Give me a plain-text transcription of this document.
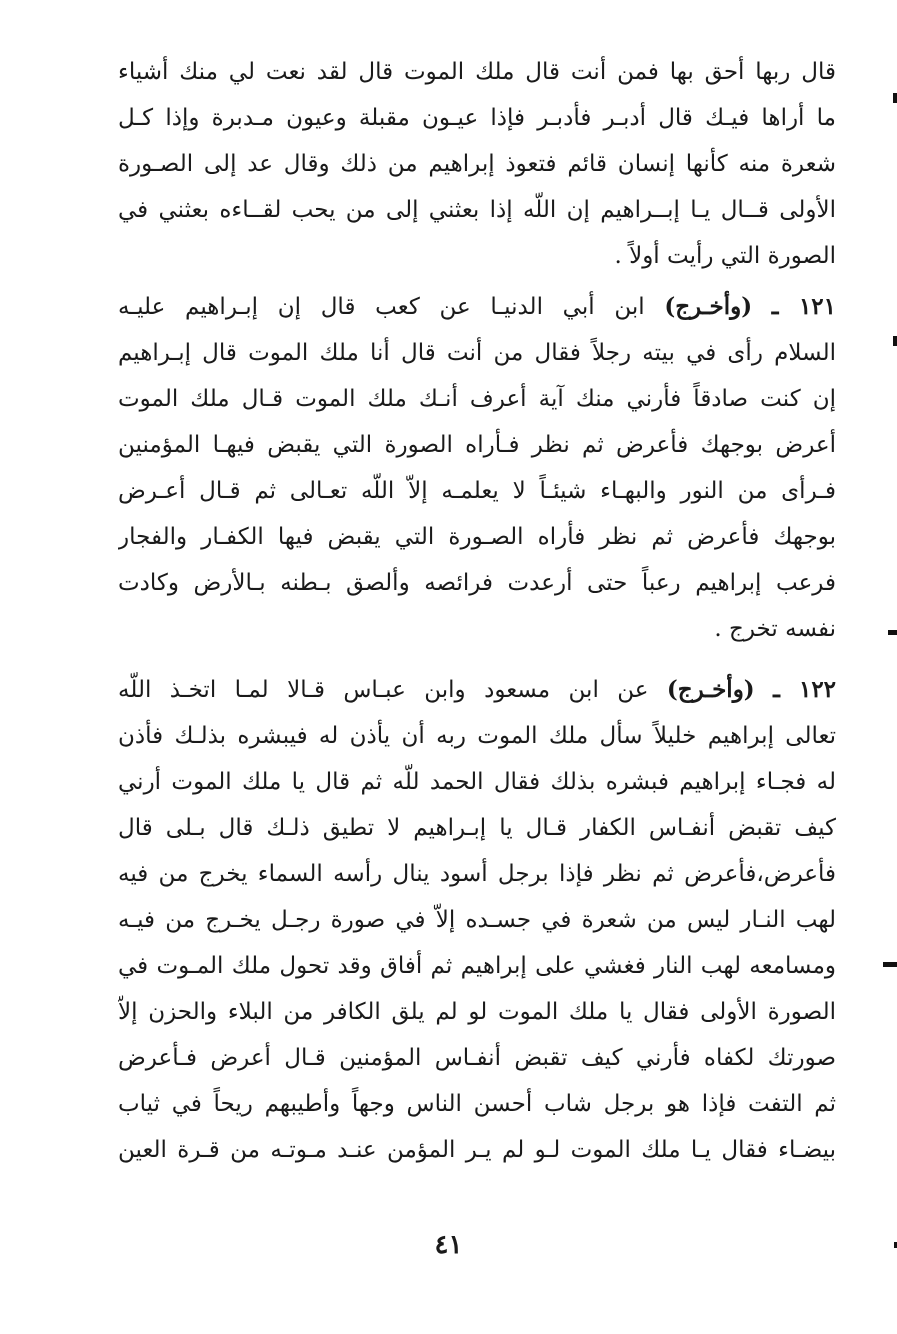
قال ربها أحق بها فمن أنت قال ملك الموت قال لقد نعت لي منك أشياء
ما أراها فيـك قال أدبـر فأدبـر فإذا عيـون مقبلة وعيون مـدبرة وإذا كـل
شعرة منه كأنها إنسان قائم فتعوذ إبراهيم من ذلك وقال عد إلى الصـورة
الأولى قــال يـا إبــراهيم إن اللّه إذا بعثني إلى من يحب لقــاءه بعثني في
الصورة التي رأيت أولاً .
١٢١ ـ (وأخـرج) ابن أبي الدنيـا عن كعب قال إن إبـراهيم عليـه
السلام رأى في بيته رجلاً فقال من أنت قال أنا ملك الموت قال إبـراهيم
إن كنت صادقاً فأرني منك آية أعرف أنـك ملك الموت قـال ملك الموت
أعرض بوجهك فأعرض ثم نظر فـأراه الصورة التي يقبض فيهـا المؤمنين
فـرأى من النور والبهـاء شيئـاً لا يعلمـه إلاّ اللّه تعـالى ثم قـال أعـرض
بوجهك فأعرض ثم نظر فأراه الصـورة التي يقبض فيها الكفـار والفجار
فرعب إبراهيم رعباً حتى أرعدت فرائصه وألصق بـطنه بـالأرض وكادت
نفسه تخرج .
١٢٢ ـ (وأخـرج) عن ابن مسعود وابن عبـاس قـالا لمـا اتخـذ اللّه
تعالى إبراهيم خليلاً سأل ملك الموت ربه أن يأذن له فيبشره بذلـك فأذن
له فجـاء إبراهيم فبشره بذلك فقال الحمد للّه ثم قال يا ملك الموت أرني
كيف تقبض أنفـاس الكفار قـال يا إبـراهيم لا تطيق ذلـك قال بـلى قال
فأعرض،فأعرض ثم نظر فإذا برجل أسود ينال رأسه السماء يخرج من فيه
لهب النـار ليس من شعرة في جسـده إلاّ في صورة رجـل يخـرج من فيـه
ومسامعه لهب النار فغشي على إبراهيم ثم أفاق وقد تحول ملك المـوت في
الصورة الأولى فقال يا ملك الموت لو لم يلق الكافر من البلاء والحزن إلاّ
صورتك لكفاه فأرني كيف تقبض أنفـاس المؤمنين قـال أعرض فـأعرض
ثم التفت فإذا هو برجل شاب أحسن الناس وجهاً وأطيبهم ريحاً في ثياب
بيضـاء فقال يـا ملك الموت لـو لم يـر المؤمن عنـد مـوتـه من قـرة العين
٤١
